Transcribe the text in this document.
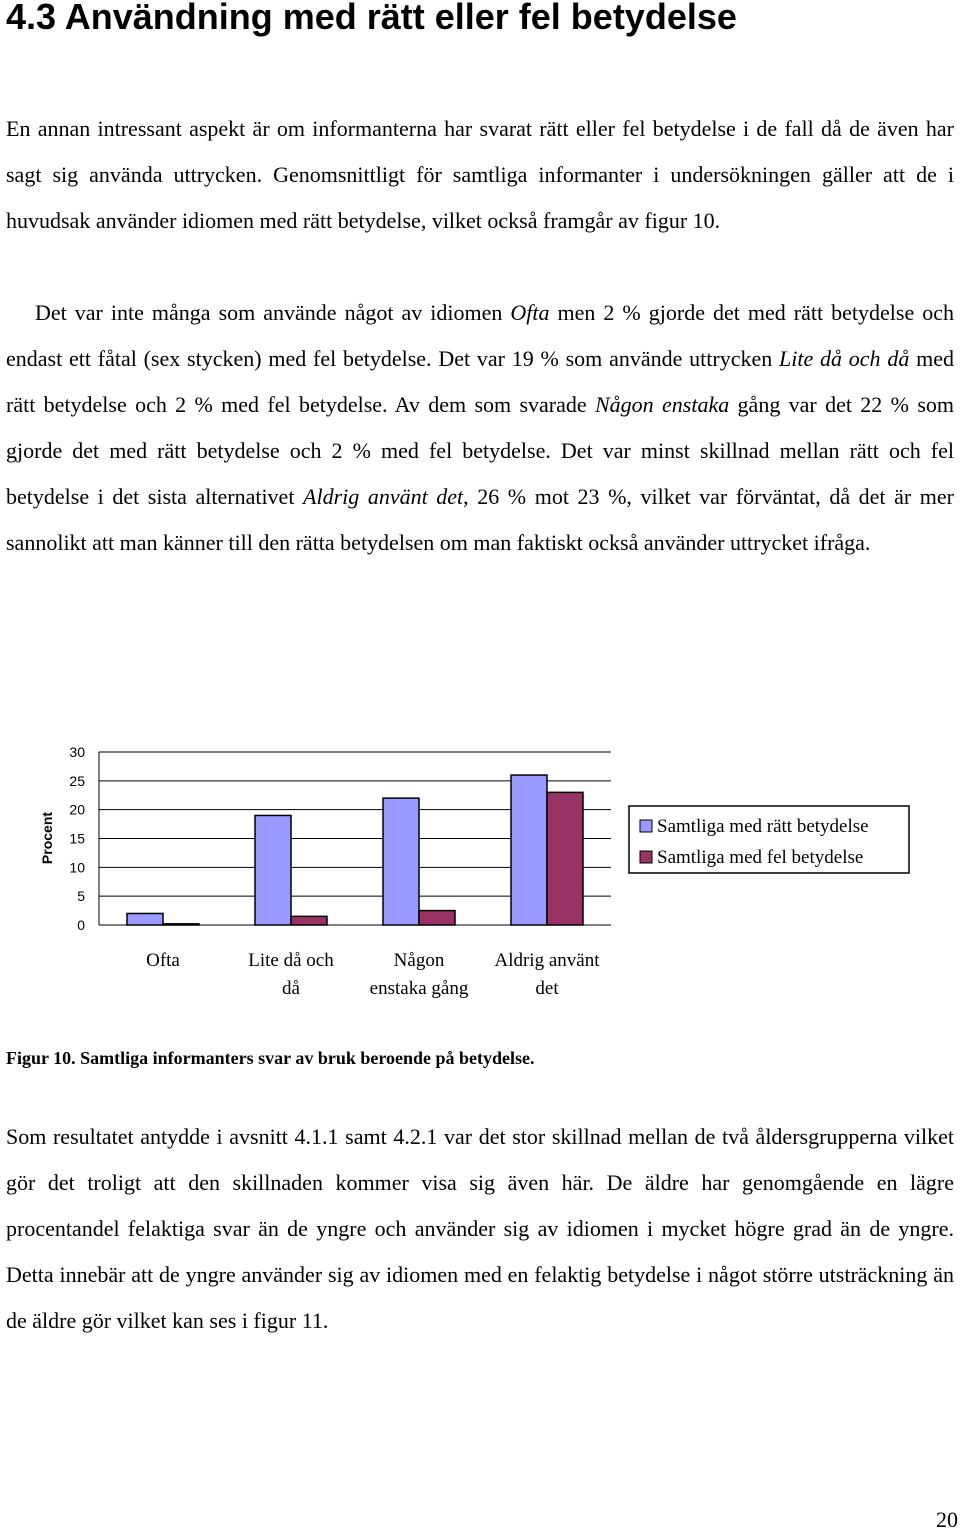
4.3 Användning med rätt eller fel betydelse

En annan intressant aspekt är om informanterna har svarat rätt eller fel betydelse i de fall då de även har sagt sig använda uttrycken. Genomsnittligt för samtliga informanter i undersökningen gäller att de i huvudsak använder idiomen med rätt betydelse, vilket också framgår av figur 10.

Det var inte många som använde något av idiomen Ofta men 2 % gjorde det med rätt betydelse och endast ett fåtal (sex stycken) med fel betydelse. Det var 19 % som använde uttrycken Lite då och då med rätt betydelse och 2 % med fel betydelse. Av dem som svarade Någon enstaka gång var det 22 % som gjorde det med rätt betydelse och 2 % med fel betydelse. Det var minst skillnad mellan rätt och fel betydelse i det sista alternativet Aldrig använt det, 26 % mot 23 %, vilket var förväntat, då det är mer sannolikt att man känner till den rätta betydelsen om man faktiskt också använder uttrycket ifråga.

0
5
10
15
20
25
30
Procent
Ofta	Lite då och
då
Någon
enstaka gång
Aldrig använt
det
Samtliga med rätt betydelse
Samtliga med fel betydelse

Figur 10. Samtliga informanters svar av bruk beroende på betydelse.

Som resultatet antydde i avsnitt 4.1.1 samt 4.2.1 var det stor skillnad mellan de två åldersgrupperna vilket gör det troligt att den skillnaden kommer visa sig även här. De äldre har genomgående en lägre procentandel felaktiga svar än de yngre och använder sig av idiomen i mycket högre grad än de yngre. Detta innebär att de yngre använder sig av idiomen med en felaktig betydelse i något större utsträckning än de äldre gör vilket kan ses i figur 11.

20
